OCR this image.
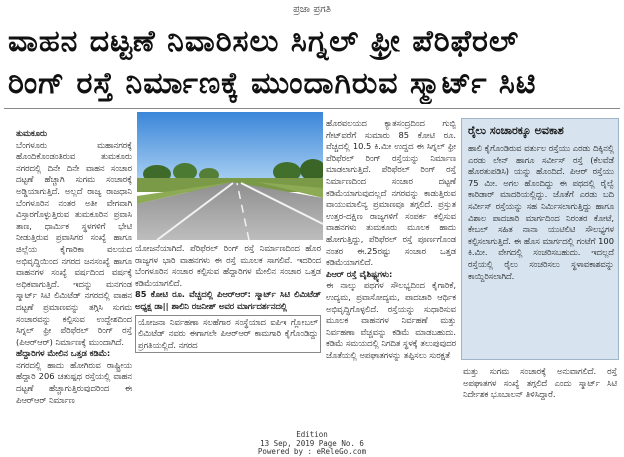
ಪ್ರಜಾ ಪ್ರಗತಿ
ವಾಹನ ದಟ್ಟಣೆ ನಿವಾರಿಸಲು ಸಿಗ್ನಲ್ ಫ್ರೀ ಪೆರಿಫೆರಲ್
ರಿಂಗ್ ರಸ್ತೆ ನಿರ್ಮಾಣಕ್ಕೆ ಮುಂದಾಗಿರುವ ಸ್ಮಾರ್ಟ್ ಸಿಟಿ

ತುಮಕೂರು

ಬೆಂಗಳೂರು ಮಹಾನಗರಕ್ಕೆ ಹೊಂದಿಕೊಂಡಂತಿರುವ ತುಮಕೂರು ನಗರದಲ್ಲಿ ದಿನೇ ದಿನೇ ವಾಹನ ಸಂಚಾರ ದಟ್ಟಣೆ ಹೆಚ್ಚಾಗಿ ಸುಗಮ ಸಂಚಾರಕ್ಕೆ ಅಡ್ಡಿಯಾಗುತ್ತಿದೆ. ಅಲ್ಲದೆ ರಾಜ್ಯ ರಾಜಧಾನಿ ಬೆಂಗಳೂರಿನ ನಂತರ ಅತೀ ವೇಗವಾಗಿ ವಿಸ್ತಾರಗೊಳ್ಳುತ್ತಿರುವ ತುಮಕೂರಿನ ಪ್ರವಾಸಿ ತಾಣ, ಧಾರ್ಮಿಕ ಸ್ಥಳಗಳಿಗೆ ಭೇಟಿ ನೀಡುತ್ತಿರುವ ಪ್ರವಾಸಿಗರ ಸಂಖ್ಯೆ ಹಾಗೂ ಜಿಲ್ಲೆಯ ಕೈಗಾರಿಕಾ ವಲಯದ ಅಭಿವೃದ್ಧಿಯಿಂದ ನಗರದ ಜನಸಂಖ್ಯೆ ಹಾಗೂ ವಾಹನಗಳ ಸಂಖ್ಯೆ ವರ್ಷದಿಂದ ವರ್ಷಕ್ಕೆ ಅಧಿಕವಾಗುತ್ತಿದೆ. ಇದನ್ನು ಮನಗಂಡ ಸ್ಮಾರ್ಟ್ ಸಿಟಿ ಲಿಮಿಟೆಡ್ ನಗರದಲ್ಲಿ ವಾಹನ ದಟ್ಟಣೆ ಪ್ರಮಾಣವನ್ನು ತಗ್ಗಿಸಿ ಸುಗಮ ಸಂಚಾರವನ್ನು ಕಲ್ಪಿಸುವ ಉದ್ದೇಶದಿಂದ ಸಿಗ್ನಲ್ ಫ್ರೀ ಪೆರಿಫೆರಲ್ ರಿಂಗ್ ರಸ್ತೆ (ಪಿಆರ್‌ಆರ್) ನಿರ್ಮಾಣಕ್ಕೆ ಮುಂದಾಗಿದೆ.

ಹೆದ್ದಾರಿಗಳ ಮೇಲಿನ ಒತ್ತಡ ಕಡಿಮೆ:

ನಗರದಲ್ಲಿ ಹಾದು ಹೋಗಿರುವ ರಾಷ್ಟ್ರೀಯ ಹೆದ್ದಾರಿ 206 ಚತುಷ್ಪಥ ರಸ್ತೆಯಲ್ಲಿ ವಾಹನ ದಟ್ಟಣೆ ಹೆಚ್ಚಾಗುತ್ತಿರುವುದರಿಂದ ಈ ಪಿಆರ್‌ಆರ್ ನಿರ್ಮಾಣ

ಯೋಜನೆಯಾಗಿದೆ. ಪೆರಿಫೆರಲ್ ರಿಂಗ್ ರಸ್ತೆ ನಿರ್ಮಾಣದಿಂದ ಹೊರ ರಾಜ್ಯಗಳ ಭಾರಿ ವಾಹನಗಳು ಈ ರಸ್ತೆ ಮೂಲಕ ಸಾಗಲಿವೆ. ಇದರಿಂದ ಬೆಂಗಳೂರಿನ ಸಂಚಾರ ಕಲ್ಪಿಸುವ ಹೆದ್ದಾರಿಗಳ ಮೇಲಿನ ಸಂಚಾರ ಒತ್ತಡ ಕಡಿಮೆಯಾಗಲಿದೆ.

85 ಕೋಟಿ ರೂ. ವೆಚ್ಚದಲ್ಲಿ ಪಿಆರ್‌ಆರ್: ಸ್ಮಾರ್ಟ್ ಸಿಟಿ ಲಿಮಿಟೆಡ್ ಅಧ್ಯಕ್ಷ ಡಾ|| ಶಾಲಿನಿ ರಜನೀಶ್ ಅವರ ಮಾರ್ಗದರ್ಶನದಲ್ಲಿ

ಯೋಜನಾ ನಿರ್ವಹಣಾ ಸಲಹೆಗಾರ ಸಂಸ್ಥೆಯಾದ ಐಪಿಇ ಗ್ಲೋಬಲ್ ಲಿಮಿಟೆಡ್ ನವರು ಈಗಾಗಲೇ ಪಿಆರ್‌ಆರ್ ಕಾಮಗಾರಿ ಕೈಗೊಂಡಿದ್ದು ಪ್ರಗತಿಯಲ್ಲಿದೆ. ನಗರದ

ಹೊರವಲಯದ ಕ್ಯಾತಸಂದ್ರದಿಂದ ಗುಬ್ಬಿ ಗೇಟ್‌ವರೆಗೆ ಸುಮಾರು 85 ಕೋಟಿ ರೂ. ವೆಚ್ಚದಲ್ಲಿ 10.5 ಕಿ.ಮೀ ಉದ್ದದ ಈ ಸಿಗ್ನಲ್ ಫ್ರೀ ಪೆರಿಫೆರಲ್ ರಿಂಗ್ ರಸ್ತೆಯನ್ನು ನಿರ್ಮಾಣ ಮಾಡಲಾಗುತ್ತಿದೆ. ಪೆರಿಫೆರಲ್ ರಿಂಗ್ ರಸ್ತೆ ನಿರ್ಮಾಣದಿಂದ ಸಂಚಾರ ದಟ್ಟಣೆ ಕಡಿಮೆಯಾಗುವುದಲ್ಲದೆ ನಗರವನ್ನು ಕಾಡುತ್ತಿರುವ ವಾಯುಮಾಲಿನ್ಯ ಪ್ರಮಾಣವೂ ತಗ್ಗಲಿದೆ. ಪ್ರಸ್ತುತ ಉತ್ತರ-ದಕ್ಷಿಣ ರಾಜ್ಯಗಳಿಗೆ ಸಂಪರ್ಕ ಕಲ್ಪಿಸುವ ವಾಹನಗಳು ತುಮಕೂರು ಮೂಲಕ ಹಾದು ಹೋಗುತ್ತಿದ್ದು, ಪೆರಿಫೆರಲ್ ರಸ್ತೆ ಪೂರ್ಣಗೊಂಡ ನಂತರ ಈ.25ರಷ್ಟು ಸಂಚಾರ ಒತ್ತಡ ಕಡಿಮೆಯಾಗಲಿದೆ.

ಪಿಆರ್ ರಸ್ತೆ ವೈಶಿಷ್ಟ್ಯಗಳು:

ಈ ನಾಲ್ಕು ಪಥಗಳ ಸೌಲಭ್ಯದಿಂದ ಕೈಗಾರಿಕೆ, ಉದ್ಯಮ, ಪ್ರವಾಸೋದ್ಯಮ, ಪಾದಚಾರಿ ಆರ್ಥಿಕ ಅಭಿವೃದ್ಧಿಗೊಳ್ಳಲಿದೆ. ರಸ್ತೆಯನ್ನು ಸುಧಾರಿಸುವ ಮೂಲಕ ವಾಹನಗಳ ನಿರ್ವಹಣೆ ಮತ್ತು ನಿರ್ವಹಣಾ ವೆಚ್ಚವನ್ನು ಕಡಿಮೆ ಮಾಡಬಹುದು. ಕಡಿಮೆ ಸಮಯದಲ್ಲಿ ನಿಗದಿತ ಸ್ಥಳಕ್ಕೆ ತಲುಪುವುದರ ಜೊತೆಯಲ್ಲಿ ಅಪಘಾತಗಳನ್ನು ತಪ್ಪಿಸಲು ಸುರಕ್ಷತೆ

ರೈಲು ಸಂಚಾರಕ್ಕೂ ಅವಕಾಶ
ಹಾಲಿ ಕೈಗೊಂಡಿರುವ ವರ್ತುಲ ರಸ್ತೆಯು ಎರಡು ದಿಕ್ಕಿನಲ್ಲಿ ಎರಡು ಲೇನ್ ಹಾಗೂ ಸರ್ವೀಸ್ ರಸ್ತೆ (ಕೆಲವೆಡೆ ಹೊರತುಪಡಿಸಿ) ಯನ್ನು ಹೊಂದಿದೆ. ಪಿಆರ್ ರಸ್ತೆಯು 75 ಮೀ. ಅಗಲ ಹೊಂದಿದ್ದು ಈ ಪಥದಲ್ಲಿ ರೈಲ್ವೆ ಕಾರಿಡಾರ್ ಮಾದರಿಯಲ್ಲಿದ್ದು. ಜೊತೆಗೆ ಎರಡು ಬದಿ ಸರ್ವೀಸ್ ರಸ್ತೆಯನ್ನು ಸಹ ನಿರ್ಮಿಸಲಾಗುತ್ತಿದ್ದು ಹಾಗೂ ವಿಶಾಲ ಪಾದಚಾರಿ ಮಾರ್ಗದಿಂದ ನಿರಂತರ ಕೋಟೆ, ಕೇಬಲ್ ಸಹಿತ ನಾನಾ ಯುಟಿಲಿಟಿ ಸೌಲಭ್ಯಗಳ ಕಲ್ಪಿಸಲಾಗುತ್ತಿದೆ. ಈ ಹೊಸ ಮಾರ್ಗದಲ್ಲಿ ಗಂಟೆಗೆ 100 ಕಿ.ಮೀ. ವೇಗದಲ್ಲಿ ಸಂಚರಿಸಬಹುದು. ಇದಲ್ಲದೆ ರಸ್ತೆಯಲ್ಲಿ ರೈಲು ಸಂಚರಿಸಲು ಸ್ಥಳಾವಕಾಶವನ್ನು ಕಾಯ್ದಿರಿಸಲಾಗಿದೆ.
ಮತ್ತು ಸುಗಮ ಸಂಚಾರಕ್ಕೆ ಅನುವಾಗಲಿದೆ. ರಸ್ತೆ ಅಪಘಾತಗಳ ಸಂಖ್ಯೆ ತಗ್ಗಲಿದೆ ಎಂದು ಸ್ಮಾರ್ಟ್ ಸಿಟಿ ನಿರ್ದೇಶಕ ಭೂಬಾಲನ್ ತಿಳಿಸಿದ್ದಾರೆ.
Edition
13 Sep, 2019 Page No. 6
Powered by : eReleGo.com
